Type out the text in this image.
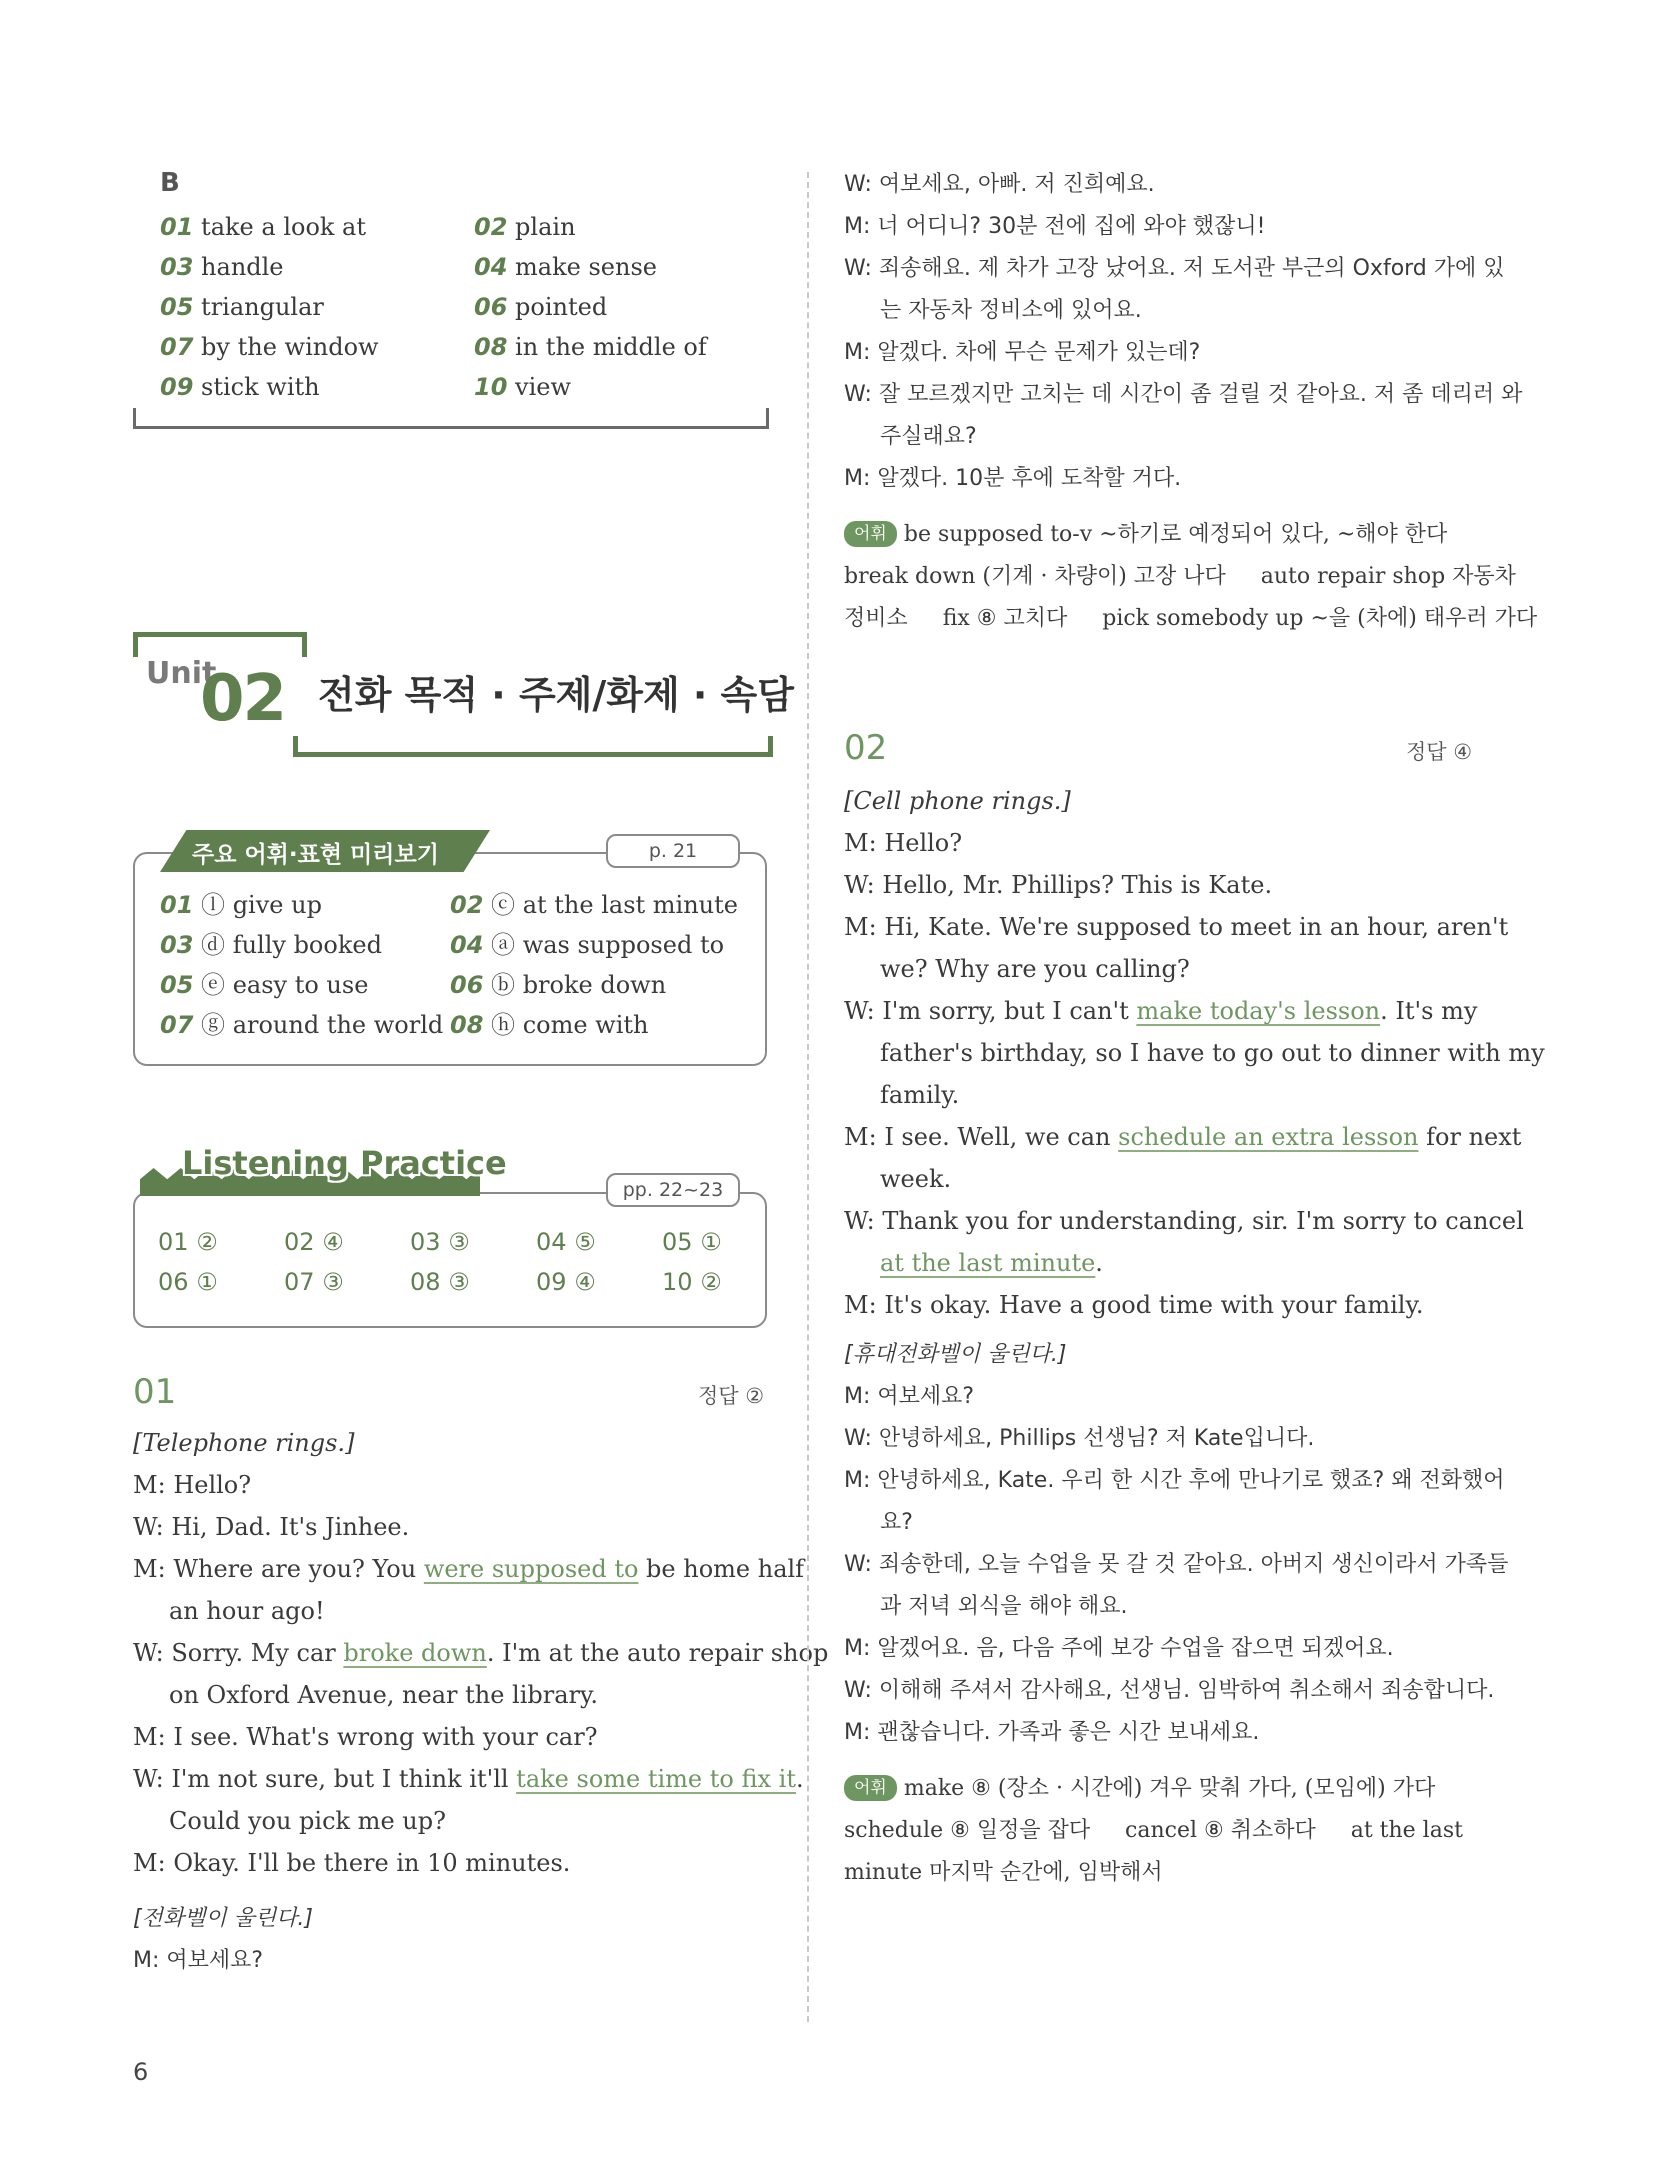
B
01 take a look at	02 plain
03 handle	04 make sense
05 triangular	06 pointed
07 by the window	08 in the middle of
09 stick with	10 view
Unit
02 전화 목적 · 주제/화제 · 속담
주요 어휘·표현 미리보기	p. 21
01 ⓛ give up	02 ⓒ at the last minute
03 ⓓ fully booked	04 ⓐ was supposed to
05 ⓔ easy to use	06 ⓑ broke down
07 ⓖ around the world 08 ⓗ come with
Listening Practice
pp. 22~23
01 ②	02 ④	03 ③	04 ⑤	05 ①
06 ①	07 ③	08 ③	09 ④	10 ②
01	정답 ②
[Telephone rings.]
M: Hello?
W: Hi, Dad. It's Jinhee.
M: Where are you? You were supposed to be home half
an hour ago!
W: Sorry. My car broke down. I'm at the auto repair shop
on Oxford Avenue, near the library.
M: I see. What's wrong with your car?
W: I'm not sure, but I think it'll take some time to fix it.
Could you pick me up?
M: Okay. I'll be there in 10 minutes.
[전화벨이 울린다.]
M: 여보세요?
6
W: 여보세요, 아빠. 저 진희예요.
M: 너 어디니? 30분 전에 집에 와야 했잖니!
W: 죄송해요. 제 차가 고장 났어요. 저 도서관 부근의 Oxford 가에 있
는 자동차 정비소에 있어요.
M: 알겠다. 차에 무슨 문제가 있는데?
W: 잘 모르겠지만 고치는 데 시간이 좀 걸릴 것 같아요. 저 좀 데리러 와
주실래요?
M: 알겠다. 10분 후에 도착할 거다.
어휘 be supposed to-v ~하기로 예정되어 있다, ~해야 한다
break down (기계 · 차량이) 고장 나다     auto repair shop 자동차
정비소     fix ⑧ 고치다     pick somebody up ~을 (차에) 태우러 가다
02	정답 ④
[Cell phone rings.]
M: Hello?
W: Hello, Mr. Phillips? This is Kate.
M: Hi, Kate. We're supposed to meet in an hour, aren't
we? Why are you calling?
W: I'm sorry, but I can't make today's lesson. It's my
father's birthday, so I have to go out to dinner with my
family.
M: I see. Well, we can schedule an extra lesson for next
week.
W: Thank you for understanding, sir. I'm sorry to cancel
at the last minute.
M: It's okay. Have a good time with your family.
[휴대전화벨이 울린다.]
M: 여보세요?
W: 안녕하세요, Phillips 선생님? 저 Kate입니다.
M: 안녕하세요, Kate. 우리 한 시간 후에 만나기로 했죠? 왜 전화했어
요?
W: 죄송한데, 오늘 수업을 못 갈 것 같아요. 아버지 생신이라서 가족들
과 저녁 외식을 해야 해요.
M: 알겠어요. 음, 다음 주에 보강 수업을 잡으면 되겠어요.
W: 이해해 주셔서 감사해요, 선생님. 임박하여 취소해서 죄송합니다.
M: 괜찮습니다. 가족과 좋은 시간 보내세요.
어휘 make ⑧ (장소 · 시간에) 겨우 맞춰 가다, (모임에) 가다
schedule ⑧ 일정을 잡다     cancel ⑧ 취소하다     at the last
minute 마지막 순간에, 임박해서
